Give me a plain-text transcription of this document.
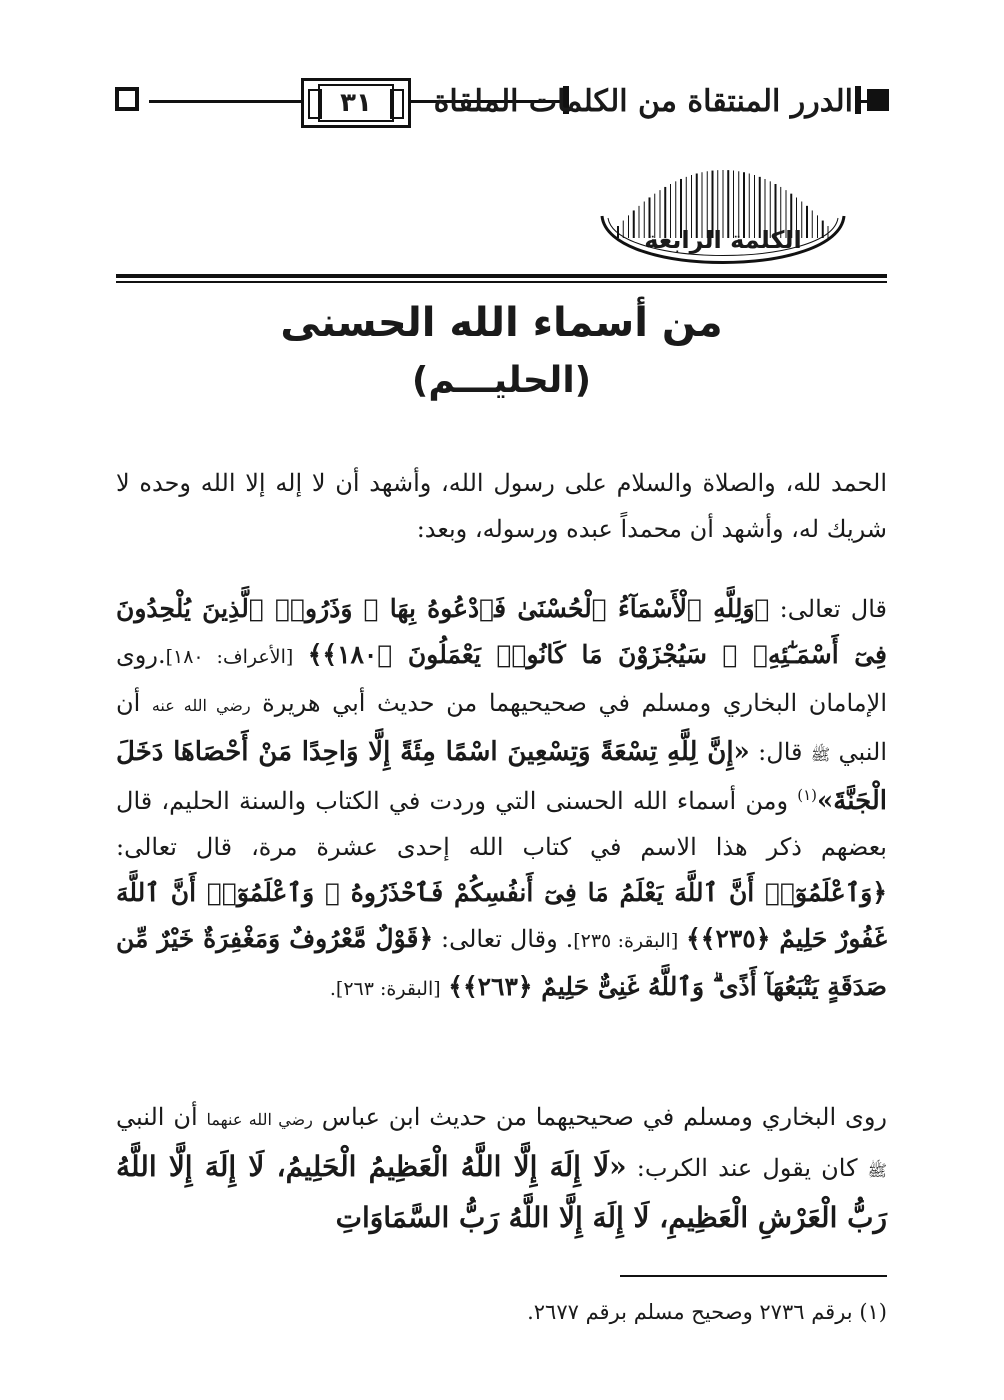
٣١	الدرر المنتقاة من الكلمات الملقاة
الكلمة الرابعة
من أسماء الله الحسنى
(الحليـــم)
الحمد لله، والصلاة والسلام على رسول الله، وأشهد أن لا إله إلا الله وحده لا شريك له، وأشهد أن محمداً عبده ورسوله، وبعد:
قال تعالى: ﴿وَلِلَّهِ ٱلْأَسْمَآءُ ٱلْحُسْنَىٰ فَٱدْعُوهُ بِهَا ۖ وَذَرُوا۟ ٱلَّذِينَ يُلْحِدُونَ فِىٓ أَسْمَـٰٓئِهِۦ ۚ سَيُجْزَوْنَ مَا كَانُوا۟ يَعْمَلُونَ ﴿١٨٠﴾﴾ [الأعراف: ١٨٠].روى الإمامان البخاري ومسلم في صحيحيهما من حديث أبي هريرة رضي الله عنه أن النبي ﷺ قال: «إِنَّ لِلَّهِ تِسْعَةً وَتِسْعِينَ اسْمًا مِئَةً إِلَّا وَاحِدًا مَنْ أَحْصَاهَا دَخَلَ الْجَنَّةَ»$^{(١)}$ ومن أسماء الله الحسنى التي وردت في الكتاب والسنة الحليم، قال بعضهم ذكر هذا الاسم في كتاب الله إحدى عشرة مرة، قال تعالى: ﴿وَٱعْلَمُوٓا۟ أَنَّ ٱللَّهَ يَعْلَمُ مَا فِىٓ أَنفُسِكُمْ فَٱحْذَرُوهُ ۚ وَٱعْلَمُوٓا۟ أَنَّ ٱللَّهَ غَفُورٌ حَلِيمٌ ﴿٢٣٥﴾﴾ [البقرة: ٢٣٥]. وقال تعالى: ﴿قَوْلٌ مَّعْرُوفٌ وَمَغْفِرَةٌ خَيْرٌ مِّن صَدَقَةٍ يَتْبَعُهَآ أَذًى ۗ وَٱللَّهُ غَنِىٌّ حَلِيمٌ ﴿٢٦٣﴾﴾ [البقرة: ٢٦٣].
روى البخاري ومسلم في صحيحيهما من حديث ابن عباس رضي الله عنهما أن النبي ﷺ كان يقول عند الكرب: «لَا إِلَهَ إِلَّا اللَّهُ الْعَظِيمُ الْحَلِيمُ، لَا إِلَهَ إِلَّا اللَّهُ رَبُّ الْعَرْشِ الْعَظِيمِ، لَا إِلَهَ إِلَّا اللَّهُ رَبُّ السَّمَاوَاتِ
(١) برقم ٢٧٣٦ وصحيح مسلم برقم ٢٦٧٧.
